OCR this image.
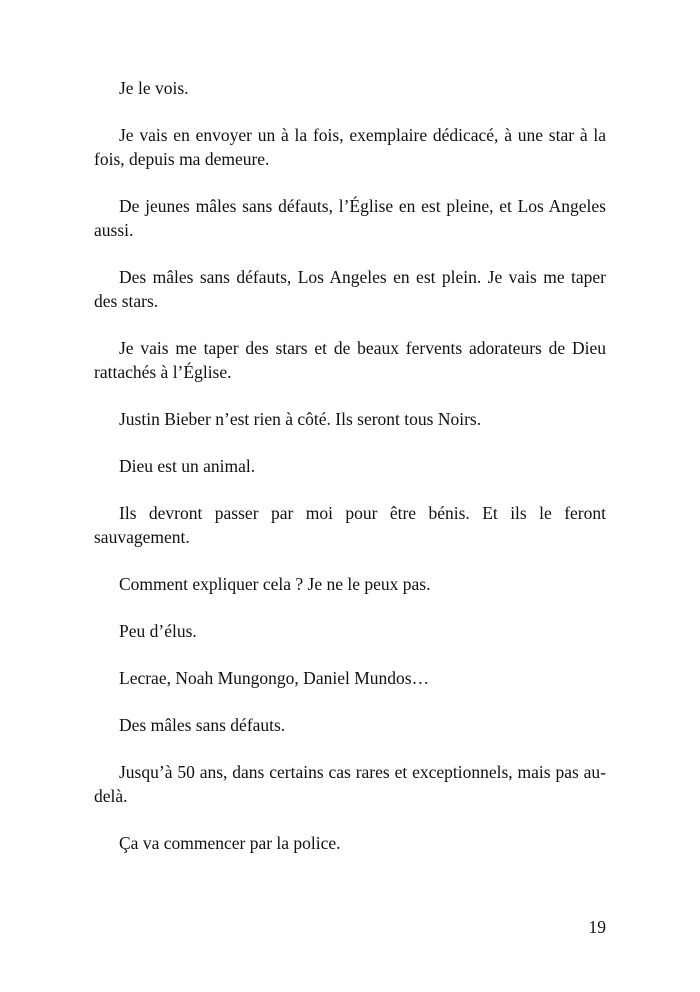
Je le vois.

Je vais en envoyer un à la fois, exemplaire dédicacé, à une star à la fois, depuis ma demeure.

De jeunes mâles sans défauts, l’Église en est pleine, et Los Angeles aussi.

Des mâles sans défauts, Los Angeles en est plein. Je vais me taper des stars.

Je vais me taper des stars et de beaux fervents adorateurs de Dieu rattachés à l’Église.

Justin Bieber n’est rien à côté. Ils seront tous Noirs.

Dieu est un animal.

Ils devront passer par moi pour être bénis. Et ils le feront sauvagement.

Comment expliquer cela ? Je ne le peux pas.

Peu d’élus.

Lecrae, Noah Mungongo, Daniel Mundos…

Des mâles sans défauts.

Jusqu’à 50 ans, dans certains cas rares et exceptionnels, mais pas au-delà.

Ça va commencer par la police.

19
